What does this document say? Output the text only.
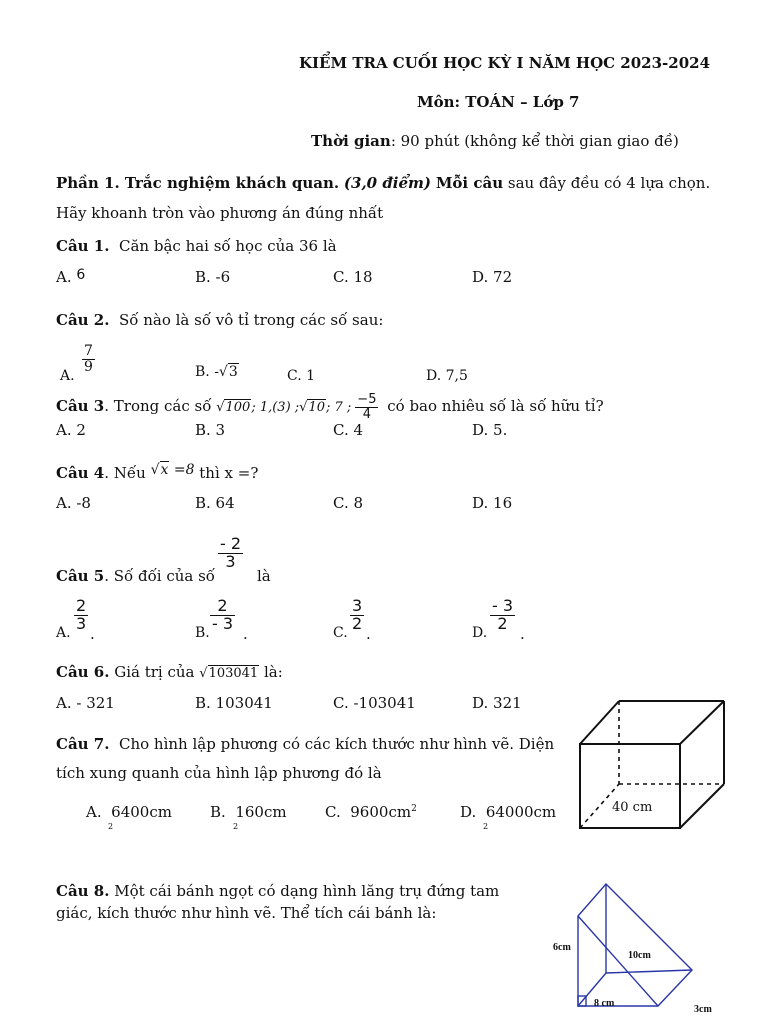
KIỂM TRA CUỐI HỌC KỲ I NĂM HỌC 2023-2024
Môn: TOÁN – Lớp 7
Thời gian: 90 phút (không kể thời gian giao đề)
Phần 1. Trắc nghiệm khách quan. (3,0 điểm) Mỗi câu sau đây đều có 4 lựa chọn.
Hãy khoanh tròn vào phương án đúng nhất
Câu 1. Căn bậc hai số học của 36 là
A. 6	B. -6	C. 18	D. 72
Câu 2. Số nào là số vô tỉ trong các số sau:
A.
$\frac{7}{9}$	B. -√3	C. 1	D. 7,5
Câu 3. Trong các số √100; 1,(3) ;√10; 7 ; $\frac{-5}{4}$ có bao nhiêu số là số hữu tỉ?
A. 2	B. 3	C. 4	D. 5.
Câu 4. Nếu √x =8 thì x =?
A. -8	B. 64	C. 8	D. 16
Câu 5. Số đối của số
$\frac{- 2}{3}$
là
A.
$\frac{2}{3}$
.	B.
$\frac{2}{- 3}$
.	C.
$\frac{3}{2}$
.	D.
$\frac{- 3}{2}$
.
Câu 6. Giá trị của √103041 là:
A. - 321	B. 103041	C. -103041	D. 321
Câu 7. Cho hình lập phương có các kích thước như hình vẽ. Diện
tích xung quanh của hình lập phương đó là
A. 6400cm
2
B. 160cm
2
C. $9600cm^2$	D. 64000cm
2
40 cm
Câu 8. Một cái bánh ngọt có dạng hình lăng trụ đứng tam
giác, kích thước như hình vẽ. Thể tích cái bánh là:
6cm
10cm
8 cm
3cm
